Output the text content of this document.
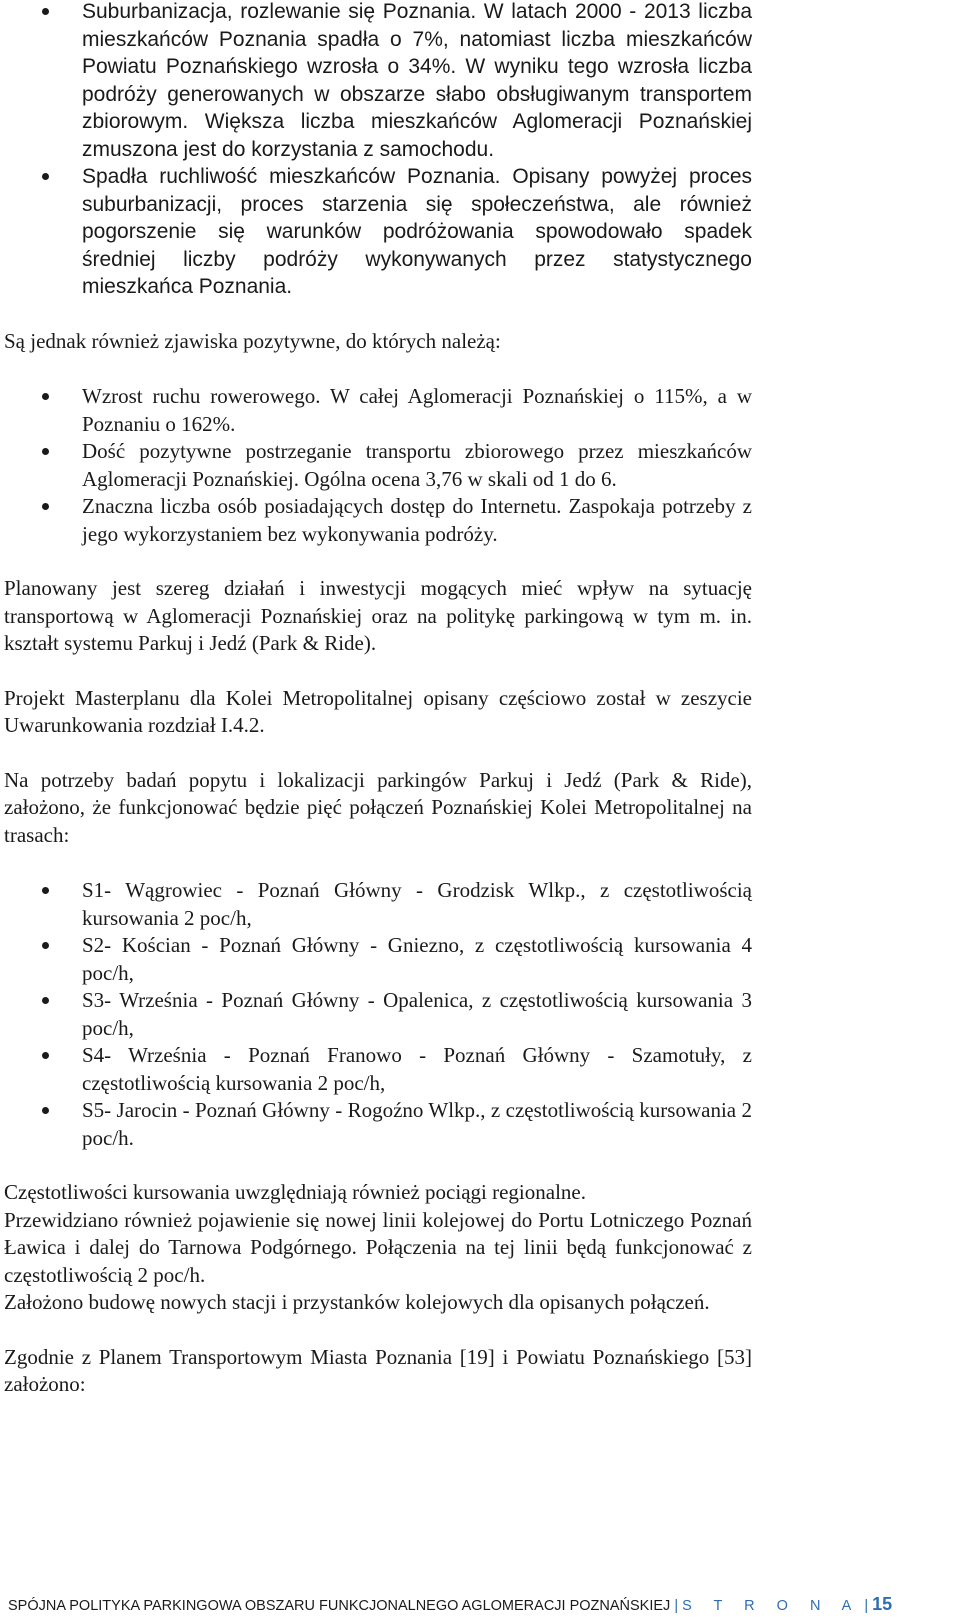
Suburbanizacja, rozlewanie się Poznania. W latach 2000 - 2013 liczba mieszkańców Poznania spadła o 7%, natomiast liczba mieszkańców Powiatu Poznańskiego wzrosła o 34%. W wyniku tego wzrosła liczba podróży generowanych w obszarze słabo obsługiwanym transportem zbiorowym. Większa liczba mieszkańców Aglomeracji Poznańskiej zmuszona jest do korzystania z samochodu.
Spadła ruchliwość mieszkańców Poznania. Opisany powyżej proces suburbanizacji, proces starzenia się społeczeństwa, ale również pogorszenie się warunków podróżowania spowodowało spadek średniej liczby podróży wykonywanych przez statystycznego mieszkańca Poznania.

Są jednak również zjawiska pozytywne, do których należą:

Wzrost ruchu rowerowego. W całej Aglomeracji Poznańskiej o 115%, a w Poznaniu o 162%.
Dość pozytywne postrzeganie transportu zbiorowego przez mieszkańców Aglomeracji Poznańskiej. Ogólna ocena 3,76 w skali od 1 do 6.
Znaczna liczba osób posiadających dostęp do Internetu. Zaspokaja potrzeby z jego wykorzystaniem bez wykonywania podróży.

Planowany jest szereg działań i inwestycji mogących mieć wpływ na sytuację transportową w Aglomeracji Poznańskiej oraz na politykę parkingową w tym m. in. kształt systemu Parkuj i Jedź (Park & Ride).

Projekt Masterplanu dla Kolei Metropolitalnej opisany częściowo został w zeszycie Uwarunkowania rozdział I.4.2.

Na potrzeby badań popytu i lokalizacji parkingów Parkuj i Jedź (Park & Ride), założono, że funkcjonować będzie pięć połączeń Poznańskiej Kolei Metropolitalnej na trasach:

S1- Wągrowiec - Poznań Główny - Grodzisk Wlkp., z częstotliwością kursowania 2 poc/h,
S2- Kościan - Poznań Główny - Gniezno, z częstotliwością kursowania 4 poc/h,
S3- Września - Poznań Główny - Opalenica, z częstotliwością kursowania 3 poc/h,
S4- Września - Poznań Franowo - Poznań Główny - Szamotuły, z częstotliwością kursowania 2 poc/h,
S5- Jarocin - Poznań Główny - Rogoźno Wlkp., z częstotliwością kursowania 2 poc/h.

Częstotliwości kursowania uwzględniają również pociągi regionalne.

Przewidziano również pojawienie się nowej linii kolejowej do Portu Lotniczego Poznań Ławica i dalej do Tarnowa Podgórnego. Połączenia na tej linii będą funkcjonować z częstotliwością 2 poc/h.

Założono budowę nowych stacji i przystanków kolejowych dla opisanych połączeń.

Zgodnie z Planem Transportowym Miasta Poznania [19] i Powiatu Poznańskiego [53] założono:

SPÓJNA POLITYKA PARKINGOWA OBSZARU FUNKCJONALNEGO AGLOMERACJI POZNAŃSKIEJ | S T R O N A | 15
